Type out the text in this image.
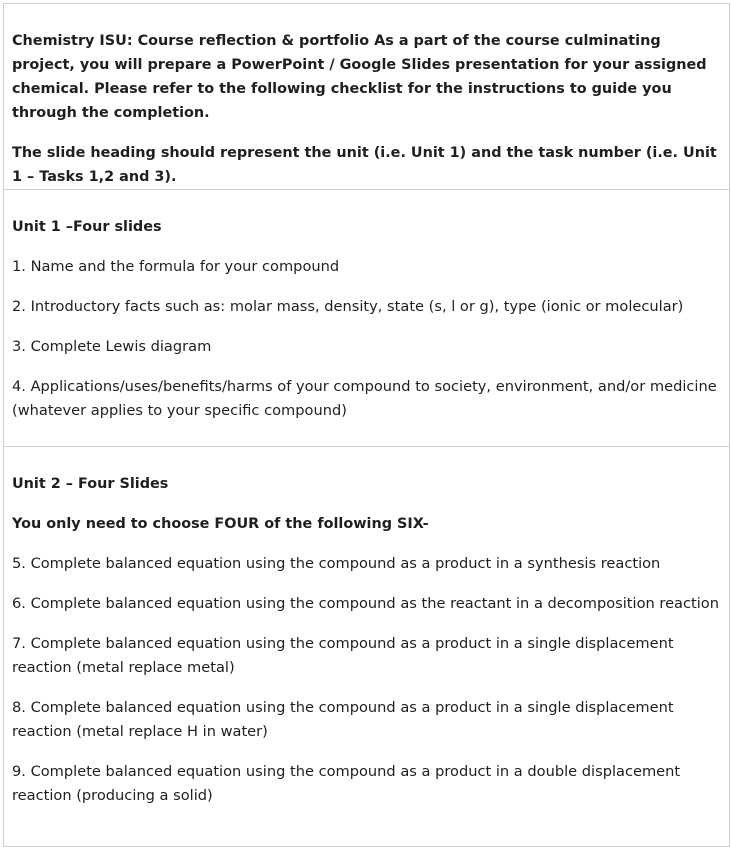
Chemistry ISU: Course reflection & portfolio As a part of the course culminating project, you will prepare a PowerPoint / Google Slides presentation for your assigned chemical. Please refer to the following checklist for the instructions to guide you through the completion.

The slide heading should represent the unit (i.e. Unit 1) and the task number (i.e. Unit 1 – Tasks 1,2 and 3).

Unit 1 –Four slides

1. Name and the formula for your compound

2. Introductory facts such as: molar mass, density, state (s, l or g), type (ionic or molecular)

3. Complete Lewis diagram

4. Applications/uses/benefits/harms of your compound to society, environment, and/or medicine (whatever applies to your specific compound)

Unit 2 – Four Slides

You only need to choose FOUR of the following SIX-

5. Complete balanced equation using the compound as a product in a synthesis reaction

6. Complete balanced equation using the compound as the reactant in a decomposition reaction

7. Complete balanced equation using the compound as a product in a single displacement reaction (metal replace metal)

8. Complete balanced equation using the compound as a product in a single displacement reaction (metal replace H in water)

9. Complete balanced equation using the compound as a product in a double displacement reaction (producing a solid)
